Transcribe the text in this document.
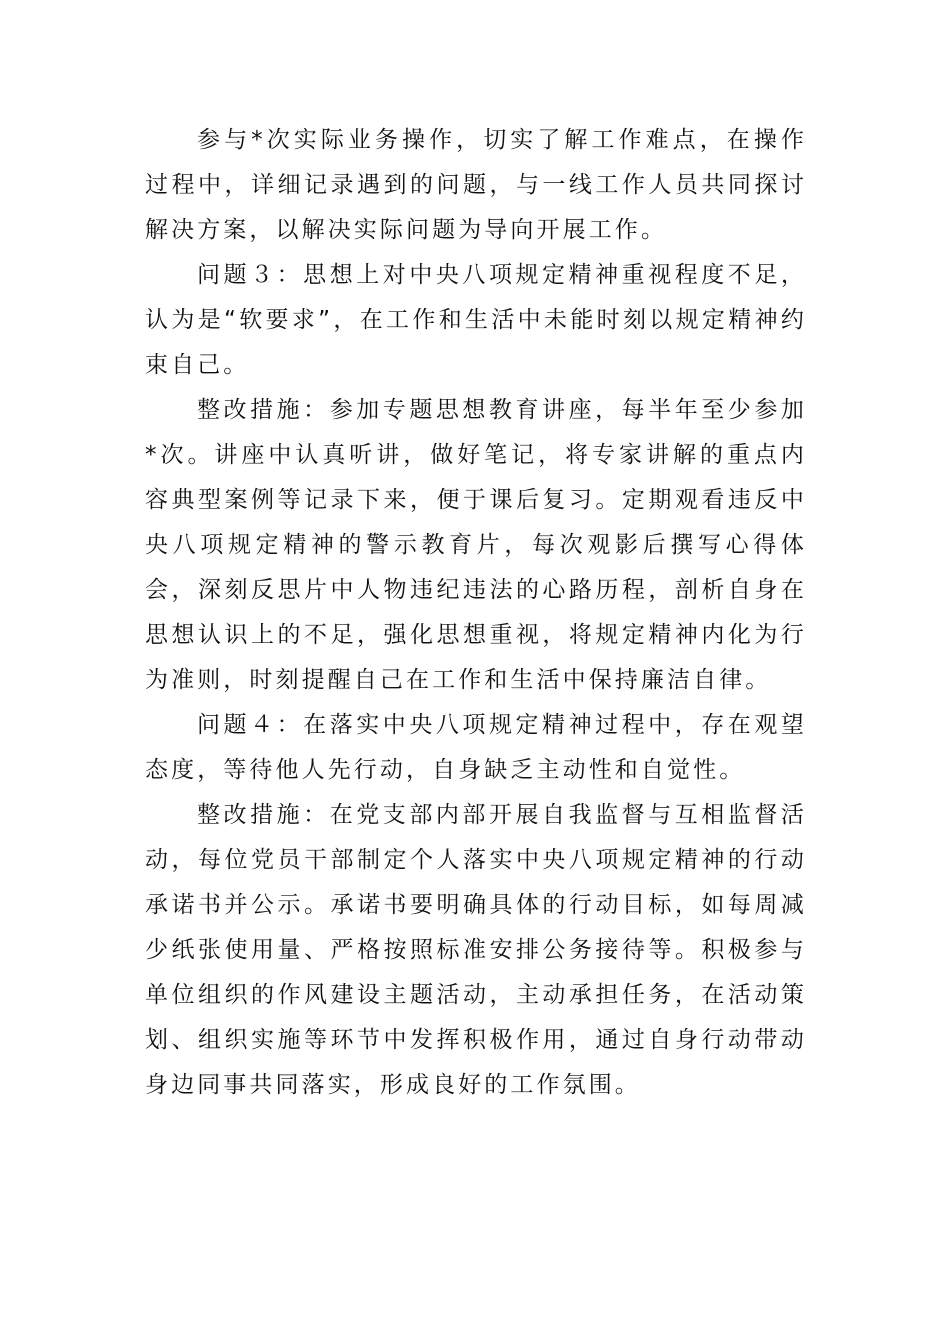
参与*次实际业务操作，切实了解工作难点，在操作过程中，详细记录遇到的问题，与一线工作人员共同探讨解决方案，以解决实际问题为导向开展工作。

问题３：思想上对中央八项规定精神重视程度不足，认为是“软要求”，在工作和生活中未能时刻以规定精神约束自己。

整改措施：参加专题思想教育讲座，每半年至少参加*次。讲座中认真听讲，做好笔记，将专家讲解的重点内容典型案例等记录下来，便于课后复习。定期观看违反中央八项规定精神的警示教育片，每次观影后撰写心得体会，深刻反思片中人物违纪违法的心路历程，剖析自身在思想认识上的不足，强化思想重视，将规定精神内化为行为准则，时刻提醒自己在工作和生活中保持廉洁自律。

问题４：在落实中央八项规定精神过程中，存在观望态度，等待他人先行动，自身缺乏主动性和自觉性。

整改措施：在党支部内部开展自我监督与互相监督活动，每位党员干部制定个人落实中央八项规定精神的行动承诺书并公示。承诺书要明确具体的行动目标，如每周减少纸张使用量、严格按照标准安排公务接待等。积极参与单位组织的作风建设主题活动，主动承担任务，在活动策划、组织实施等环节中发挥积极作用，通过自身行动带动身边同事共同落实，形成良好的工作氛围。
